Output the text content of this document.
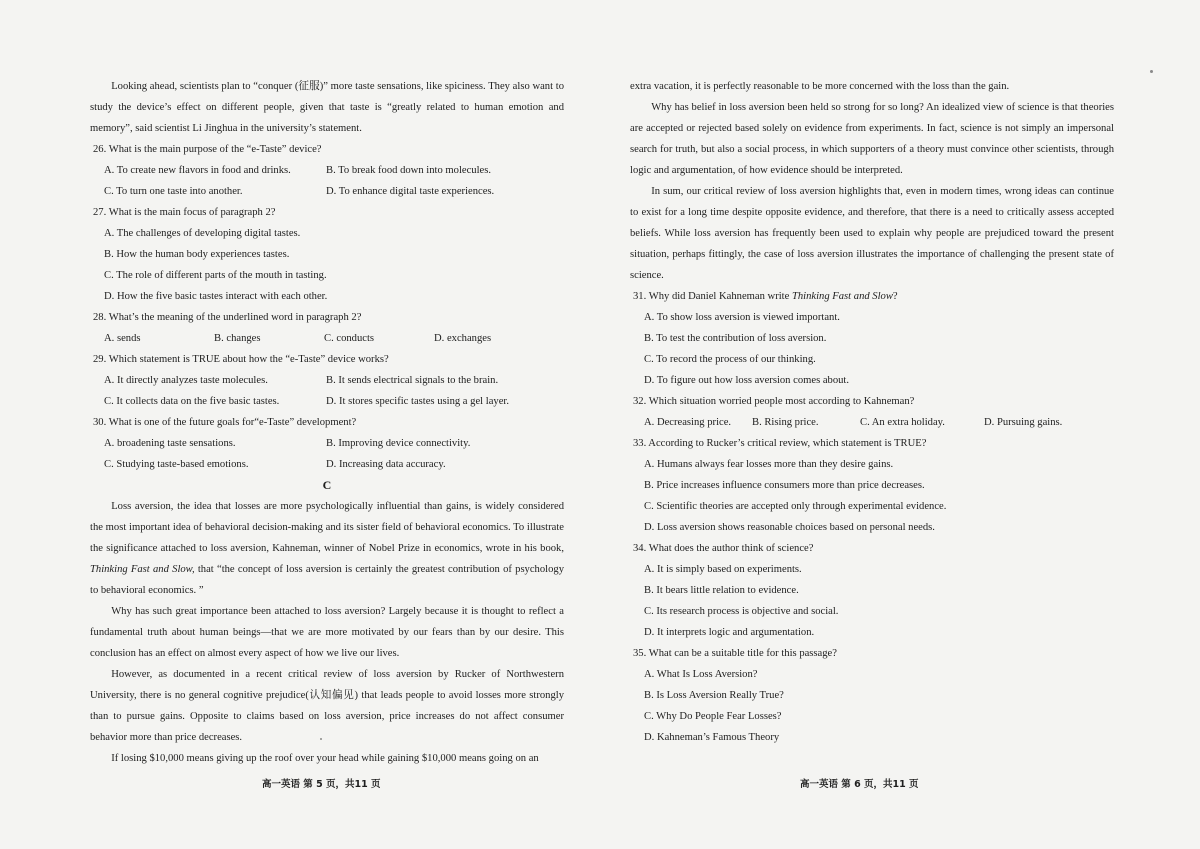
Looking ahead, scientists plan to “conquer (征服)” more taste sensations, like spiciness. They also want to study the device’s effect on different people, given that taste is “greatly related to human emotion and memory”, said scientist Li Jinghua in the university’s statement.

26. What is the main purpose of the “e-Taste” device?

A. To create new flavors in food and drinks.	B. To break food down into molecules.
C. To turn one taste into another.	D. To enhance digital taste experiences.

27. What is the main focus of paragraph 2?

A. The challenges of developing digital tastes.

B. How the human body experiences tastes.

C. The role of different parts of the mouth in tasting.

D. How the five basic tastes interact with each other.

28. What’s the meaning of the underlined word in paragraph 2?

A. sends	B. changes	C. conducts	D. exchanges

29. Which statement is TRUE about how the “e-Taste” device works?

A. It directly analyzes taste molecules.	B. It sends electrical signals to the brain.
C. It collects data on the five basic tastes.	D. It stores specific tastes using a gel layer.

30. What is one of the future goals for“e-Taste” development?

A. broadening taste sensations.	B. Improving device connectivity.
C. Studying taste-based emotions.	D. Increasing data accuracy.

C

Loss aversion, the idea that losses are more psychologically influential than gains, is widely considered the most important idea of behavioral decision-making and its sister field of behavioral economics. To illustrate the significance attached to loss aversion, Kahneman, winner of Nobel Prize in economics, wrote in his book, Thinking Fast and Slow, that “the concept of loss aversion is certainly the greatest contribution of psychology to behavioral economics. ”

Why has such great importance been attached to loss aversion? Largely because it is thought to reflect a fundamental truth about human beings—that we are more motivated by our fears than by our desire. This conclusion has an effect on almost every aspect of how we live our lives.

However, as documented in a recent critical review of loss aversion by Rucker of Northwestern University, there is no general cognitive prejudice(认知偏见) that leads people to avoid losses more strongly than to pursue gains. Opposite to claims based on loss aversion, price increases do not affect consumer behavior more than price decreases.

If losing $10,000 means giving up the roof over your head while gaining $10,000 means going on an

高一英语 第 5 页，共11 页

extra vacation, it is perfectly reasonable to be more concerned with the loss than the gain.

Why has belief in loss aversion been held so strong for so long? An idealized view of science is that theories are accepted or rejected based solely on evidence from experiments. In fact, science is not simply an impersonal search for truth, but also a social process, in which supporters of a theory must convince other scientists, through logic and argumentation, of how evidence should be interpreted.

In sum, our critical review of loss aversion highlights that, even in modern times, wrong ideas can continue to exist for a long time despite opposite evidence, and therefore, that there is a need to critically assess accepted beliefs. While loss aversion has frequently been used to explain why people are prejudiced toward the present situation, perhaps fittingly, the case of loss aversion illustrates the importance of challenging the present state of science.

31. Why did Daniel Kahneman write Thinking Fast and Slow?

A. To show loss aversion is viewed important.

B. To test the contribution of loss aversion.

C. To record the process of our thinking.

D. To figure out how loss aversion comes about.

32. Which situation worried people most according to Kahneman?

A. Decreasing price.	B. Rising price.	C. An extra holiday.	D. Pursuing gains.

33. According to Rucker’s critical review, which statement is TRUE?

A. Humans always fear losses more than they desire gains.

B. Price increases influence consumers more than price decreases.

C. Scientific theories are accepted only through experimental evidence.

D. Loss aversion shows reasonable choices based on personal needs.

34. What does the author think of science?

A. It is simply based on experiments.

B. It bears little relation to evidence.

C. Its research process is objective and social.

D. It interprets logic and argumentation.

35. What can be a suitable title for this passage?

A. What Is Loss Aversion?

B. Is Loss Aversion Really True?

C. Why Do People Fear Losses?

D. Kahneman’s Famous Theory

高一英语 第 6 页，共11 页
